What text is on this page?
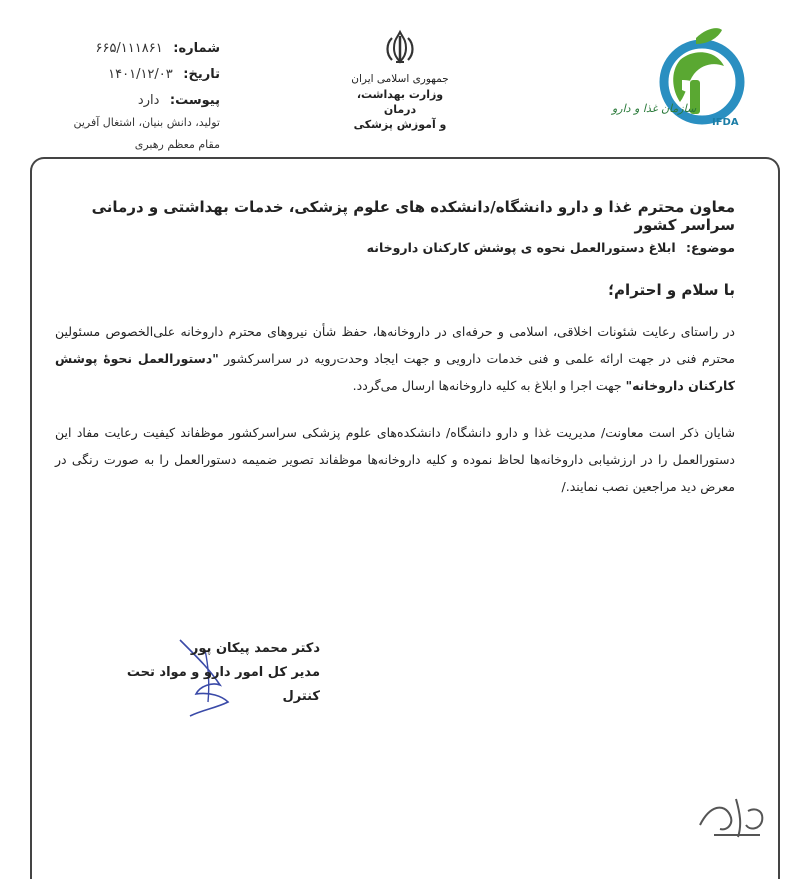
شماره: ۶۶۵/۱۱۱۸۶۱
تاریخ: ۱۴۰۱/۱۲/۰۳
پیوست: دارد
تولید، دانش بنیان، اشتغال آفرین
مقام معظم رهبری
جمهوری اسلامی ایران
وزارت بهداشت، درمان
و آموزش پزشکی
سازمان غذا و دارو
IFDA
معاون محترم غذا و دارو دانشگاه/دانشکده های علوم پزشکی، خدمات بهداشتی و درمانی سراسر کشور
موضوع: ابلاغ دستورالعمل نحوه ی پوشش کارکنان داروخانه
با سلام و احترام؛
در راستای رعایت شئونات اخلاقی، اسلامی و حرفه‌ای در داروخانه‌ها، حفظ شأن نیروهای محترم داروخانه علی‌الخصوص مسئولین محترم فنی در جهت ارائه علمی و فنی خدمات دارویی و جهت ایجاد وحدت‌رویه در سراسرکشور "دستورالعمل نحوهٔ پوشش کارکنان داروخانه" جهت اجرا و ابلاغ به کلیه داروخانه‌ها ارسال می‌گردد.
شایان ذکر است معاونت/ مدیریت غذا و دارو دانشگاه/ دانشکده‌های علوم پزشکی سراسرکشور موظفاند کیفیت رعایت مفاد این دستورالعمل را در ارزشیابی داروخانه‌ها لحاظ نموده و کلیه داروخانه‌ها موظفاند تصویر ضمیمه دستورالعمل را به صورت رنگی در معرض دید مراجعین نصب نمایند./
دکتر محمد پیکان پور
مدیر کل امور دارو و مواد تحت کنترل
